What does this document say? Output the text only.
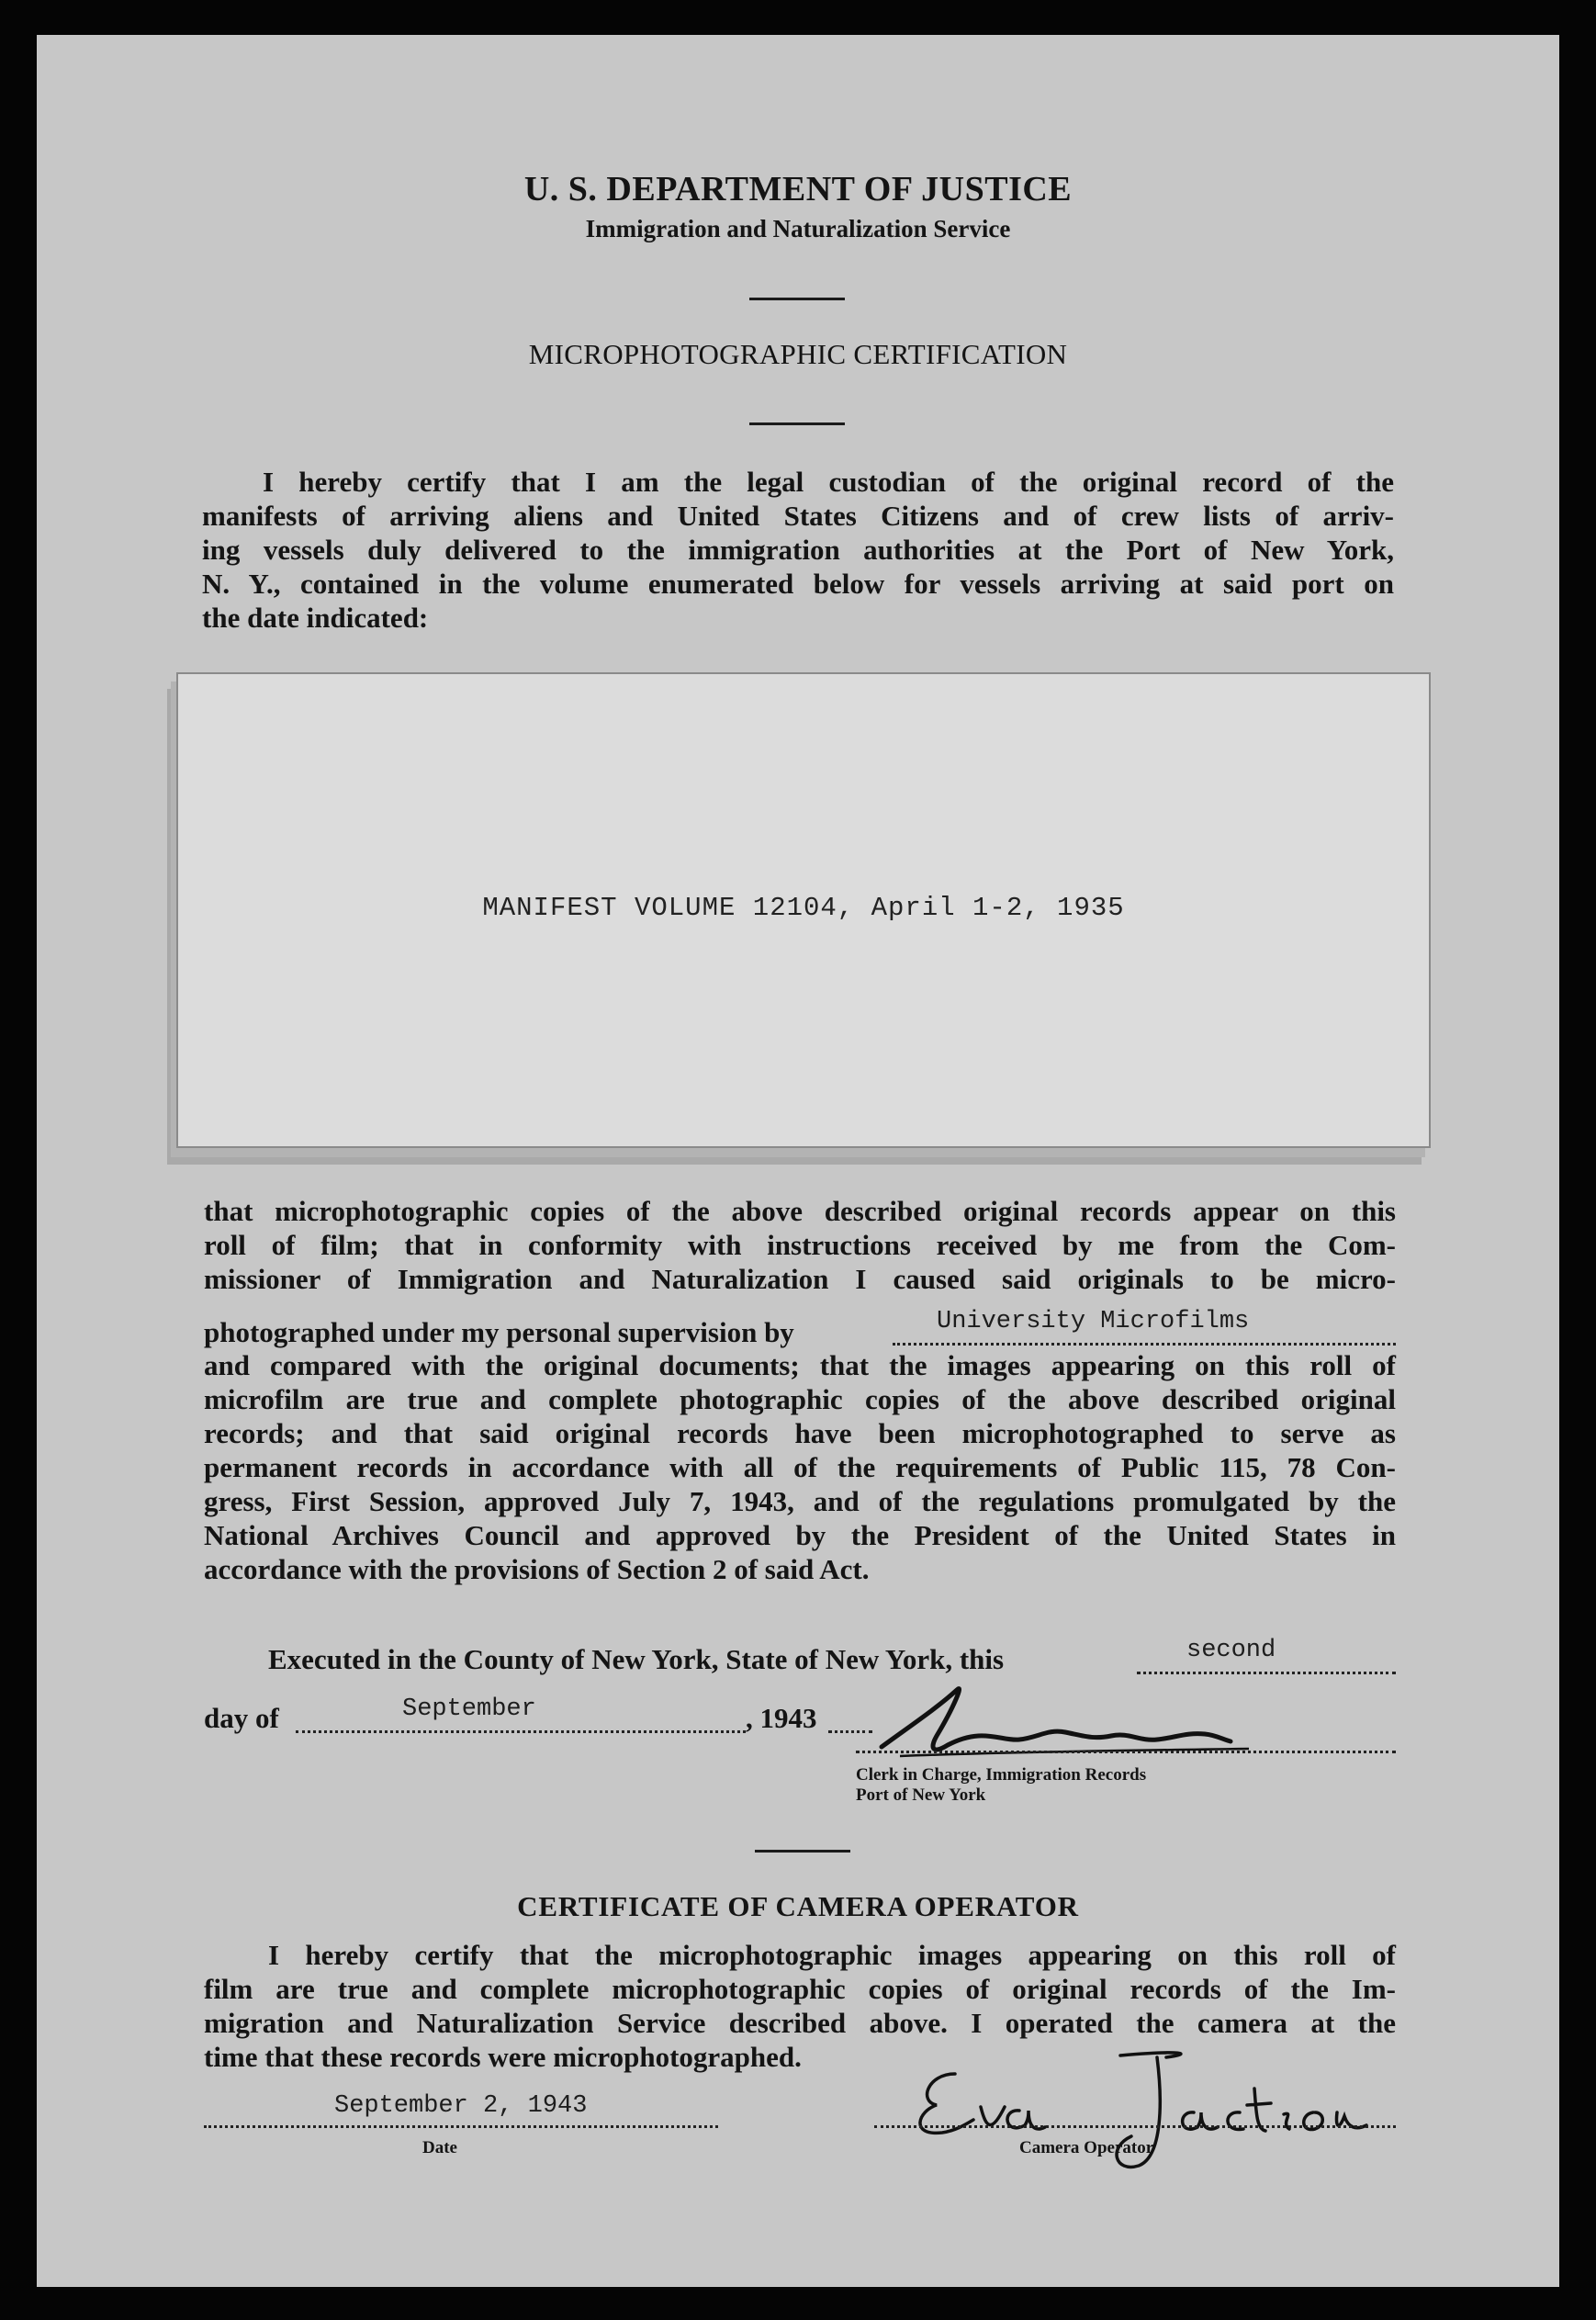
U. S. DEPARTMENT OF JUSTICE
Immigration and Naturalization Service
MICROPHOTOGRAPHIC CERTIFICATION
I hereby certify that I am the legal custodian of the original record of the
manifests of arriving aliens and United States Citizens and of crew lists of arriv-
ing vessels duly delivered to the immigration authorities at the Port of New York,
N. Y., contained in the volume enumerated below for vessels arriving at said port on
the date indicated:
MANIFEST VOLUME 12104, April 1-2, 1935
that microphotographic copies of the above described original records appear on this
roll of film; that in conformity with instructions received by me from the Com-
missioner of Immigration and Naturalization I caused said originals to be micro-
photographed under my personal supervision by	University Microfilms
and compared with the original documents; that the images appearing on this roll of
microfilm are true and complete photographic copies of the above described original
records; and that said original records have been microphotographed to serve as
permanent records in accordance with all of the requirements of Public 115, 78 Con-
gress, First Session, approved July 7, 1943, and of the regulations promulgated by the
National Archives Council and approved by the President of the United States in
accordance with the provisions of Section 2 of said Act.
Executed in the County of New York, State of New York, this	second
day of	September	, 1943
Clerk in Charge, Immigration Records
Port of New York
CERTIFICATE OF CAMERA OPERATOR
I hereby certify that the microphotographic images appearing on this roll of
film are true and complete microphotographic copies of original records of the Im-
migration and Naturalization Service described above. I operated the camera at the
time that these records were microphotographed.
September 2, 1943
Date	Camera Operator
